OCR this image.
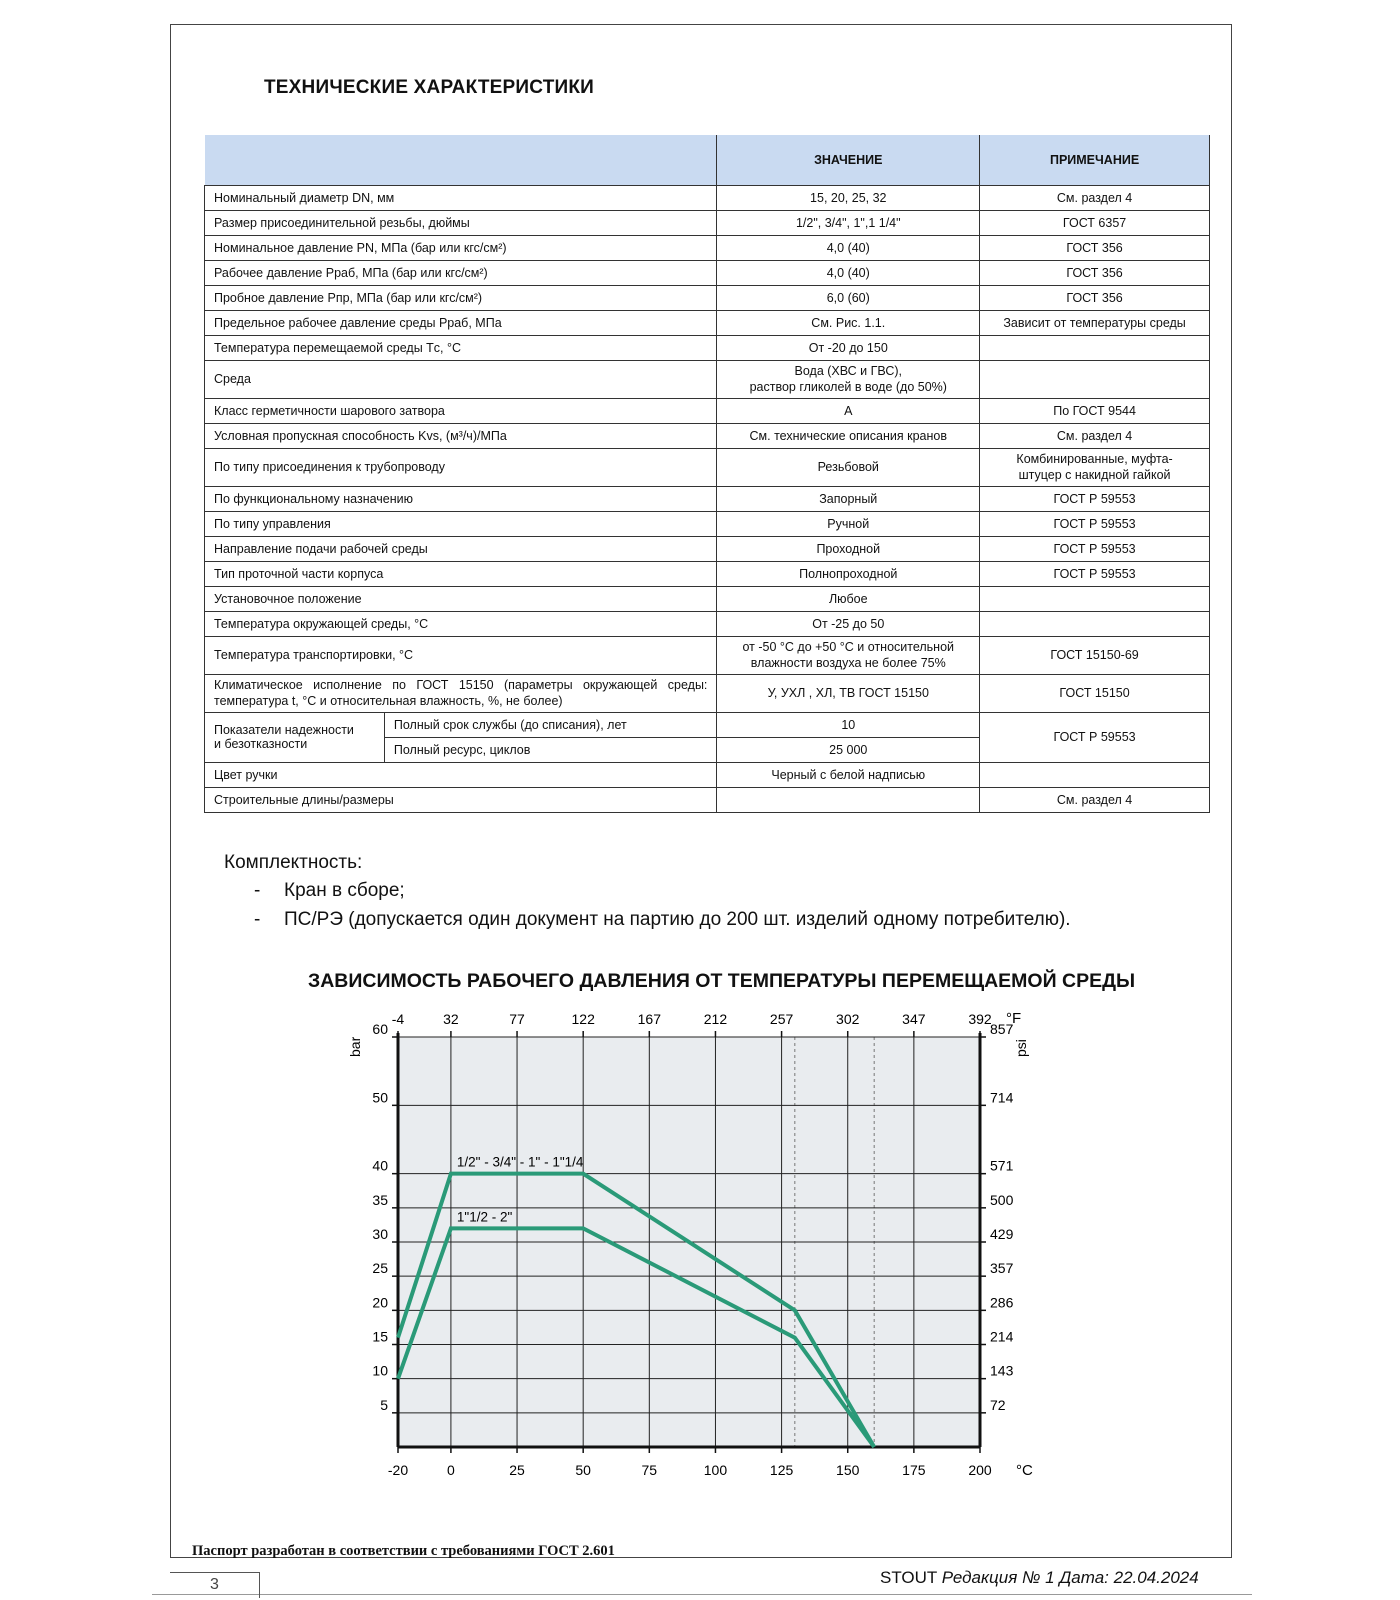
ТЕХНИЧЕСКИЕ ХАРАКТЕРИСТИКИ
		ЗНАЧЕНИЕ	ПРИМЕЧАНИЕ
Номинальный диаметр DN, мм		15, 20, 25, 32	См. раздел 4
Размер присоединительной резьбы, дюймы		1/2", 3/4", 1",1 1/4"	ГОСТ 6357
Номинальное давление PN, МПа (бар или кгс/см²)		4,0 (40)	ГОСТ 356
Рабочее давление Pраб, МПа (бар или кгс/см²)		4,0 (40)	ГОСТ 356
Пробное давление Pпр, МПа (бар или кгс/см²)		6,0 (60)	ГОСТ 356
Предельное рабочее давление среды Pраб, МПа		См. Рис. 1.1.	Зависит от температуры среды
Температура перемещаемой среды Tс, °С		От -20 до 150	
Среда		Вода (ХВС и ГВС),
раствор гликолей в воде (до 50%)	
Класс герметичности шарового затвора		А	По ГОСТ 9544
Условная пропускная способность Kvs, (м³/ч)/МПа		См. технические описания кранов	См. раздел 4
По типу присоединения к трубопроводу		Резьбовой	Комбинированные, муфта-
штуцер с накидной гайкой
По функциональному назначению		Запорный	ГОСТ Р 59553
По типу управления		Ручной	ГОСТ Р 59553
Направление подачи рабочей среды		Проходной	ГОСТ Р 59553
Тип проточной части корпуса		Полнопроходной	ГОСТ Р 59553
Установочное положение		Любое	
Температура окружающей среды, °С		От -25 до 50	
Температура транспортировки, °С		от -50 °С до +50 °С и относительной
влажности воздуха не более 75%	ГОСТ 15150-69
Климатическое исполнение по ГОСТ 15150 (параметры окружающей среды: температура t, °С и относительная влажность, %, не более)		У, УХЛ , ХЛ, ТВ ГОСТ 15150	ГОСТ 15150
Показатели надежности
и безотказности	Полный срок службы (до списания), лет	10	ГОСТ Р 59553
	Полный ресурс, циклов	25 000	
Цвет ручки		Черный с белой надписью	
Строительные длины/размеры			См. раздел 4
Комплектность:
- Кран в сборе;
- ПС/РЭ (допускается один документ на партию до 200 шт. изделий одному потребителю).
ЗАВИСИМОСТЬ РАБОЧЕГО ДАВЛЕНИЯ ОТ ТЕМПЕРАТУРЫ ПЕРЕМЕЩАЕМОЙ СРЕДЫ
-20
-4
0
32
25
77
50
122
75
167
100
212
125
257
150
302
175
347
200
392
5	72
10	143
15	214
20	286
25	357
30	429
35	500
40	571
50	714
60	857
°C
°F
bar	psi
1/2" - 3/4" - 1" - 1"1/4
1"1/2 - 2"
Паспорт разработан в соответствии с требованиями ГОСТ 2.601
3	STOUT Редакция № 1 Дата: 22.04.2024
